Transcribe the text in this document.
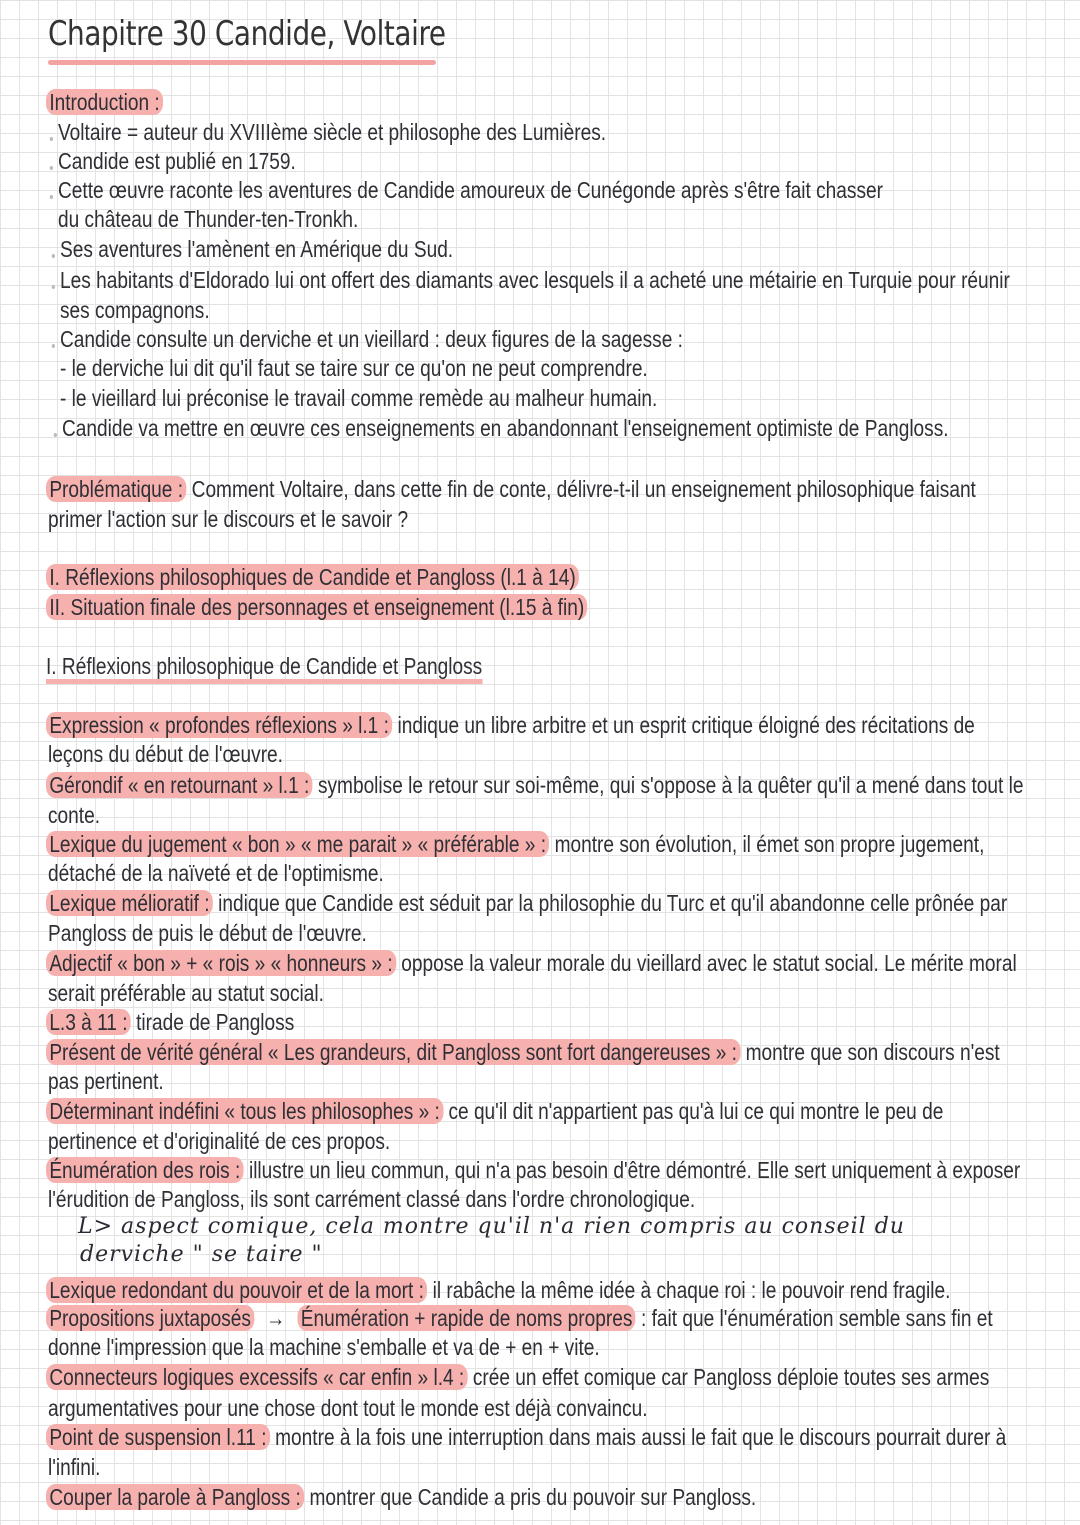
Chapitre 30 Candide, Voltaire
Introduction :
Voltaire = auteur du XVIIIème siècle et philosophe des Lumières.
Candide est publié en 1759.
Cette œuvre raconte les aventures de Candide amoureux de Cunégonde après s'être fait chasser
du château de Thunder-ten-Tronkh.
Ses aventures l'amènent en Amérique du Sud.
Les habitants d'Eldorado lui ont offert des diamants avec lesquels il a acheté une métairie en Turquie pour réunir
ses compagnons.
Candide consulte un derviche et un vieillard : deux figures de la sagesse :
- le derviche lui dit qu'il faut se taire sur ce qu'on ne peut comprendre.
- le vieillard lui préconise le travail comme remède au malheur humain.
Candide va mettre en œuvre ces enseignements en abandonnant l'enseignement optimiste de Pangloss.
Problématique : Comment Voltaire, dans cette fin de conte, délivre-t-il un enseignement philosophique faisant
primer l'action sur le discours et le savoir ?
I. Réflexions philosophiques de Candide et Pangloss (l.1 à 14)
II. Situation finale des personnages et enseignement (l.15 à fin)
I. Réflexions philosophique de Candide et Pangloss
Expression « profondes réflexions » l.1 : indique un libre arbitre et un esprit critique éloigné des récitations de
leçons du début de l'œuvre.
Gérondif « en retournant » l.1 : symbolise le retour sur soi-même, qui s'oppose à la quêter qu'il a mené dans tout le
conte.
Lexique du jugement « bon » « me parait » « préférable » : montre son évolution, il émet son propre jugement,
détaché de la naïveté et de l'optimisme.
Lexique mélioratif : indique que Candide est séduit par la philosophie du Turc et qu'il abandonne celle prônée par
Pangloss de puis le début de l'œuvre.
Adjectif « bon » + « rois » « honneurs » : oppose la valeur morale du vieillard avec le statut social. Le mérite moral
serait préférable au statut social.
L.3 à 11 : tirade de Pangloss
Présent de vérité général « Les grandeurs, dit Pangloss sont fort dangereuses » : montre que son discours n'est
pas pertinent.
Déterminant indéfini « tous les philosophes » : ce qu'il dit n'appartient pas qu'à lui ce qui montre le peu de
pertinence et d'originalité de ces propos.
Énumération des rois : illustre un lieu commun, qui n'a pas besoin d'être démontré. Elle sert uniquement à exposer
l'érudition de Pangloss, ils sont carrément classé dans l'ordre chronologique.
L> aspect comique, cela montre qu'il n'a rien compris au conseil du
derviche " se taire "
Lexique redondant du pouvoir et de la mort : il rabâche la même idée à chaque roi : le pouvoir rend fragile.
Propositions juxtaposés → Énumération + rapide de noms propres : fait que l'énumération semble sans fin et
donne l'impression que la machine s'emballe et va de + en + vite.
Connecteurs logiques excessifs « car enfin » l.4 : crée un effet comique car Pangloss déploie toutes ses armes
argumentatives pour une chose dont tout le monde est déjà convaincu.
Point de suspension l.11 : montre à la fois une interruption dans mais aussi le fait que le discours pourrait durer à
l'infini.
Couper la parole à Pangloss : montrer que Candide a pris du pouvoir sur Pangloss.
